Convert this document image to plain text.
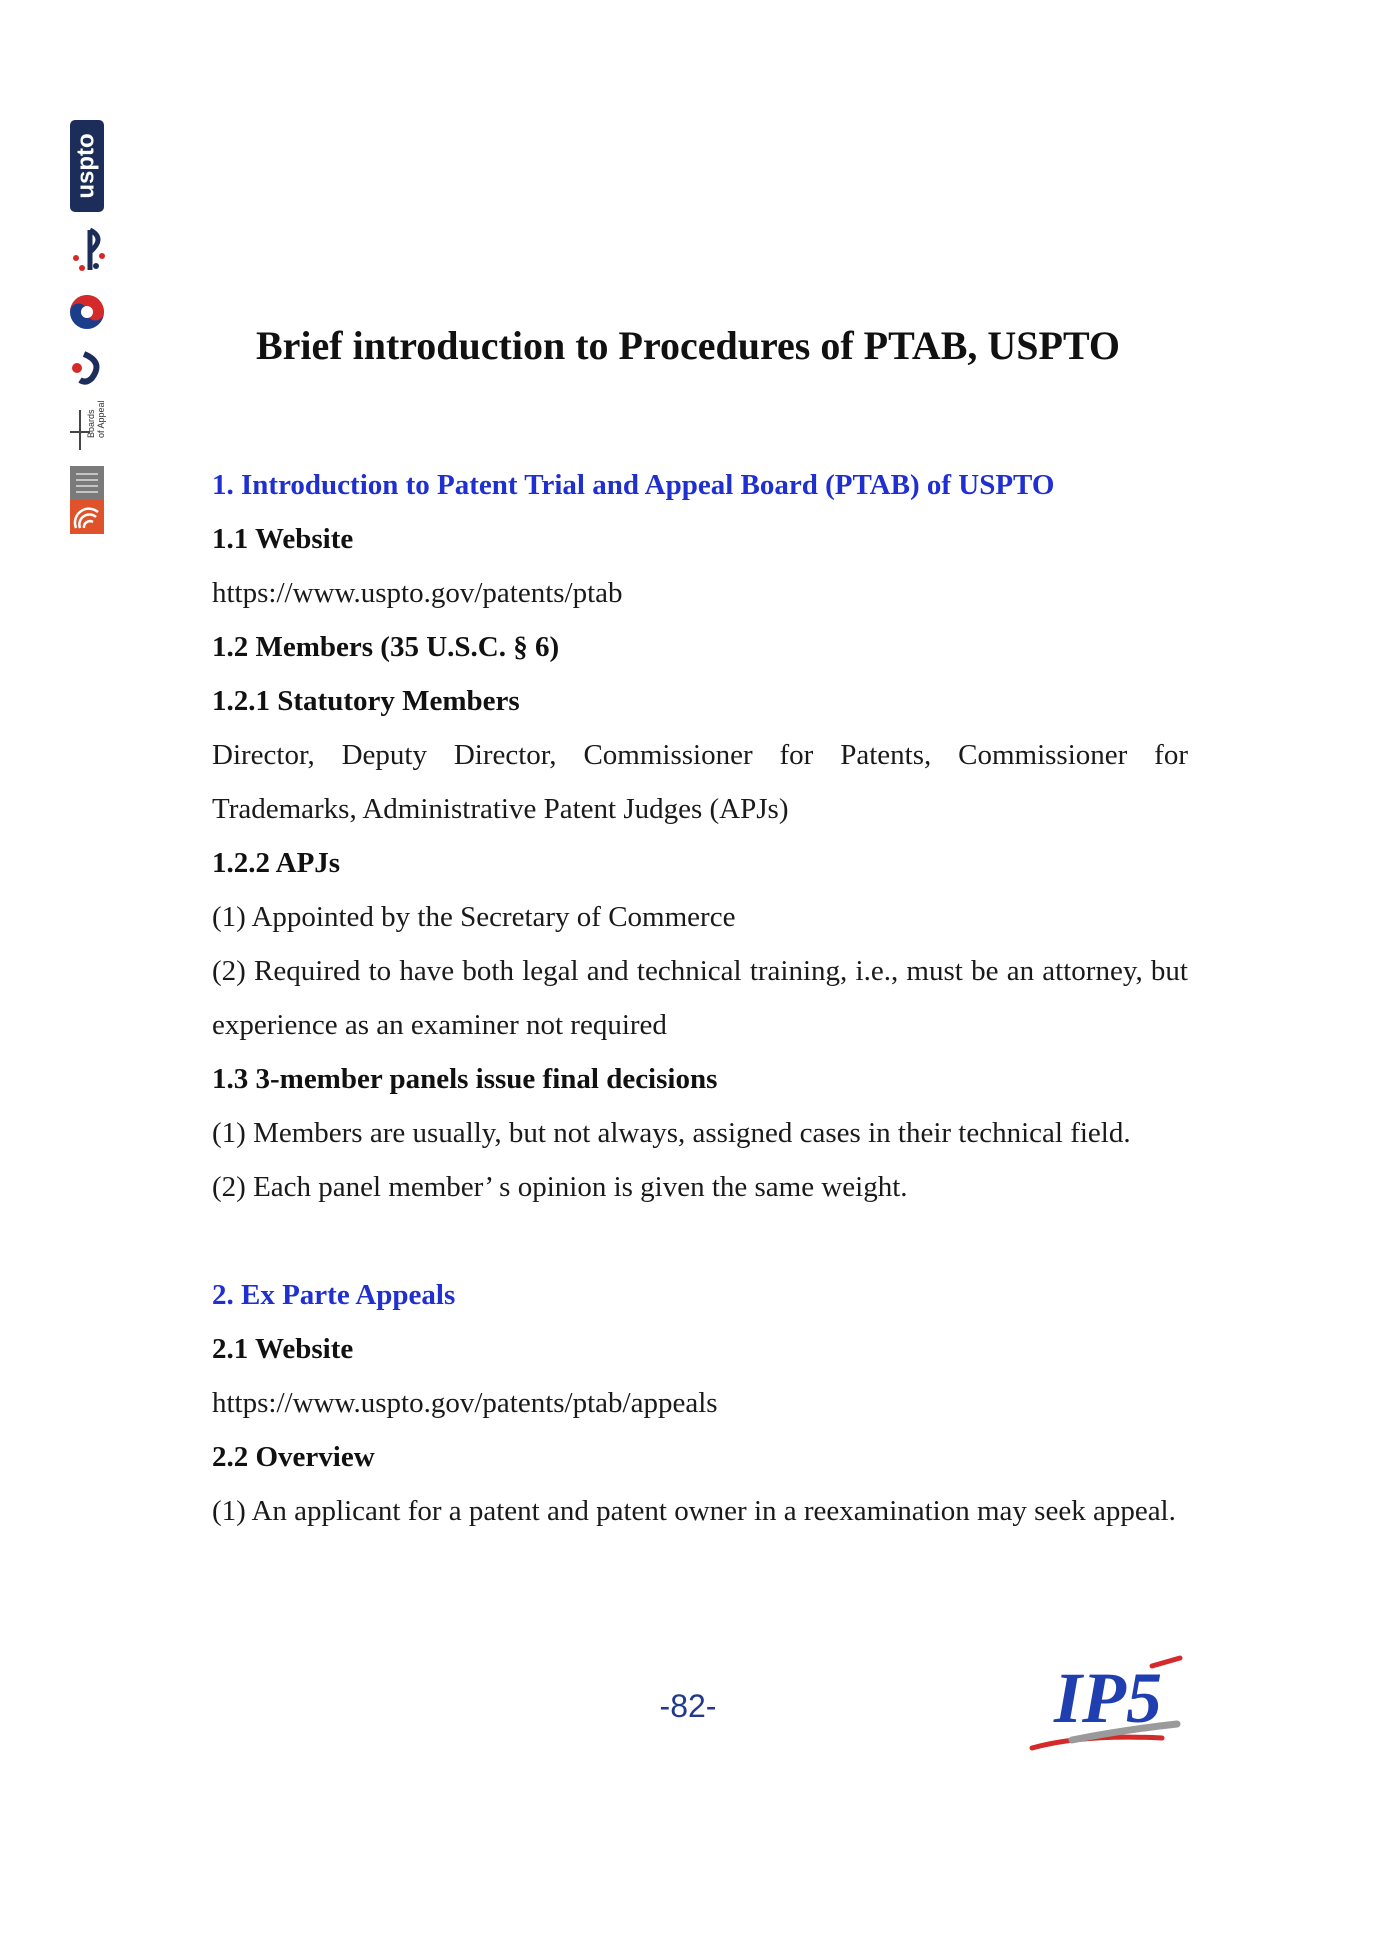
uspto
Boards of Appeal
Brief introduction to Procedures of PTAB, USPTO

1. Introduction to Patent Trial and Appeal Board (PTAB) of USPTO

1.1 Website

https://www.uspto.gov/patents/ptab

1.2 Members (35 U.S.C. § 6)

1.2.1 Statutory Members

Director, Deputy Director, Commissioner for Patents, Commissioner for Trademarks, Administrative Patent Judges (APJs)

1.2.2 APJs

(1) Appointed by the Secretary of Commerce

(2) Required to have both legal and technical training, i.e., must be an attorney, but experience as an examiner not required

1.3 3-member panels issue final decisions

(1) Members are usually, but not always, assigned cases in their technical field.

(2) Each panel member’ s opinion is given the same weight.

2. Ex Parte Appeals

2.1 Website

https://www.uspto.gov/patents/ptab/appeals

2.2 Overview

(1) An applicant for a patent and patent owner in a reexamination may seek appeal.

-82-	IP5
